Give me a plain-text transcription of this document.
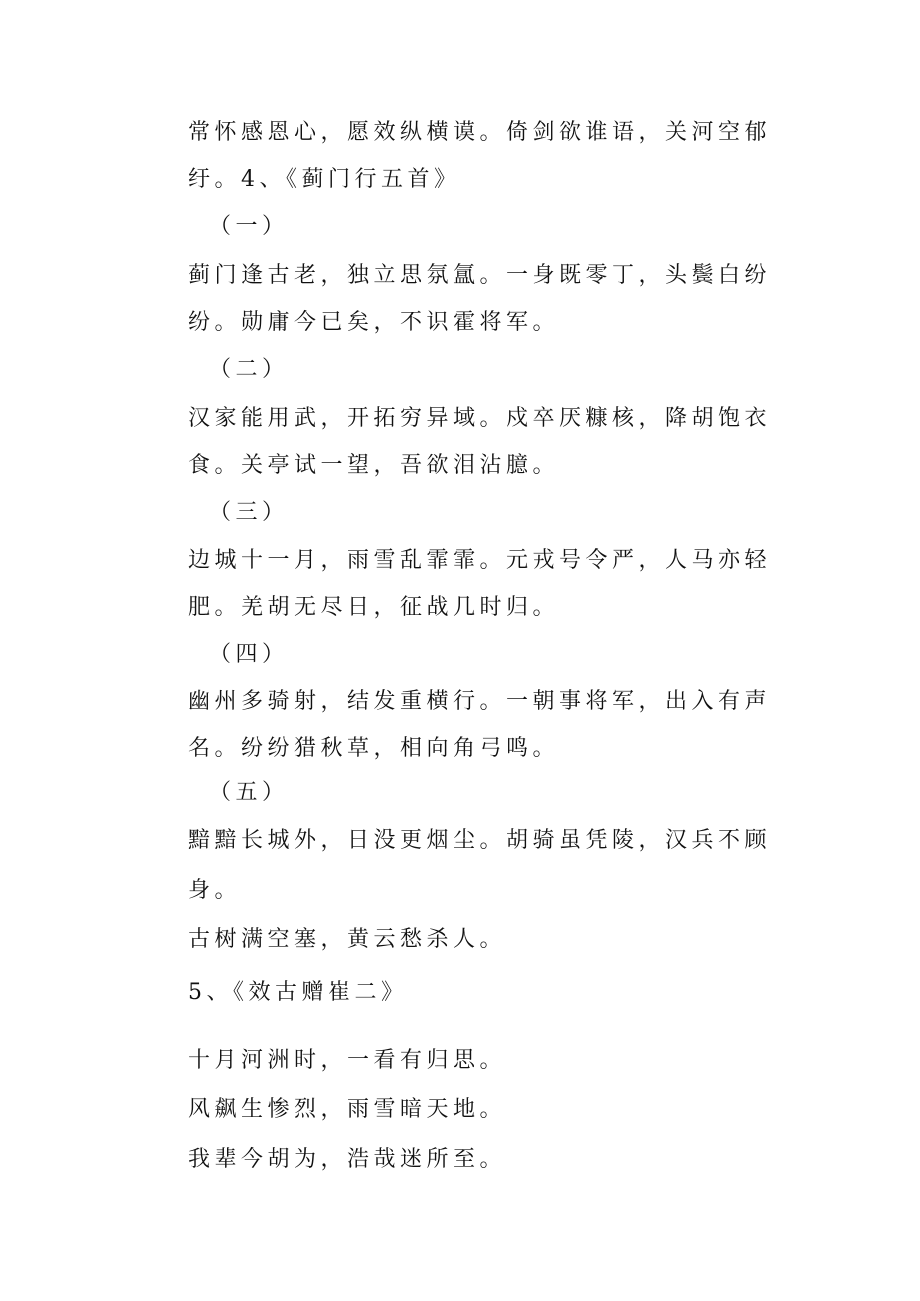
常怀感恩心，愿效纵横谟。倚剑欲谁语，关河空郁
纡。4、《蓟门行五首》
（一）
蓟门逢古老，独立思氛氲。一身既零丁，头鬓白纷
纷。勋庸今已矣，不识霍将军。
（二）
汉家能用武，开拓穷异域。戍卒厌糠核，降胡饱衣
食。关亭试一望，吾欲泪沾臆。
（三）
边城十一月，雨雪乱霏霏。元戎号令严，人马亦轻
肥。羌胡无尽日，征战几时归。
（四）
幽州多骑射，结发重横行。一朝事将军，出入有声
名。纷纷猎秋草，相向角弓鸣。
（五）
黯黯长城外，日没更烟尘。胡骑虽凭陵，汉兵不顾
身。
古树满空塞，黄云愁杀人。
5、《效古赠崔二》
十月河洲时，一看有归思。
风飙生惨烈，雨雪暗天地。
我辈今胡为，浩哉迷所至。
